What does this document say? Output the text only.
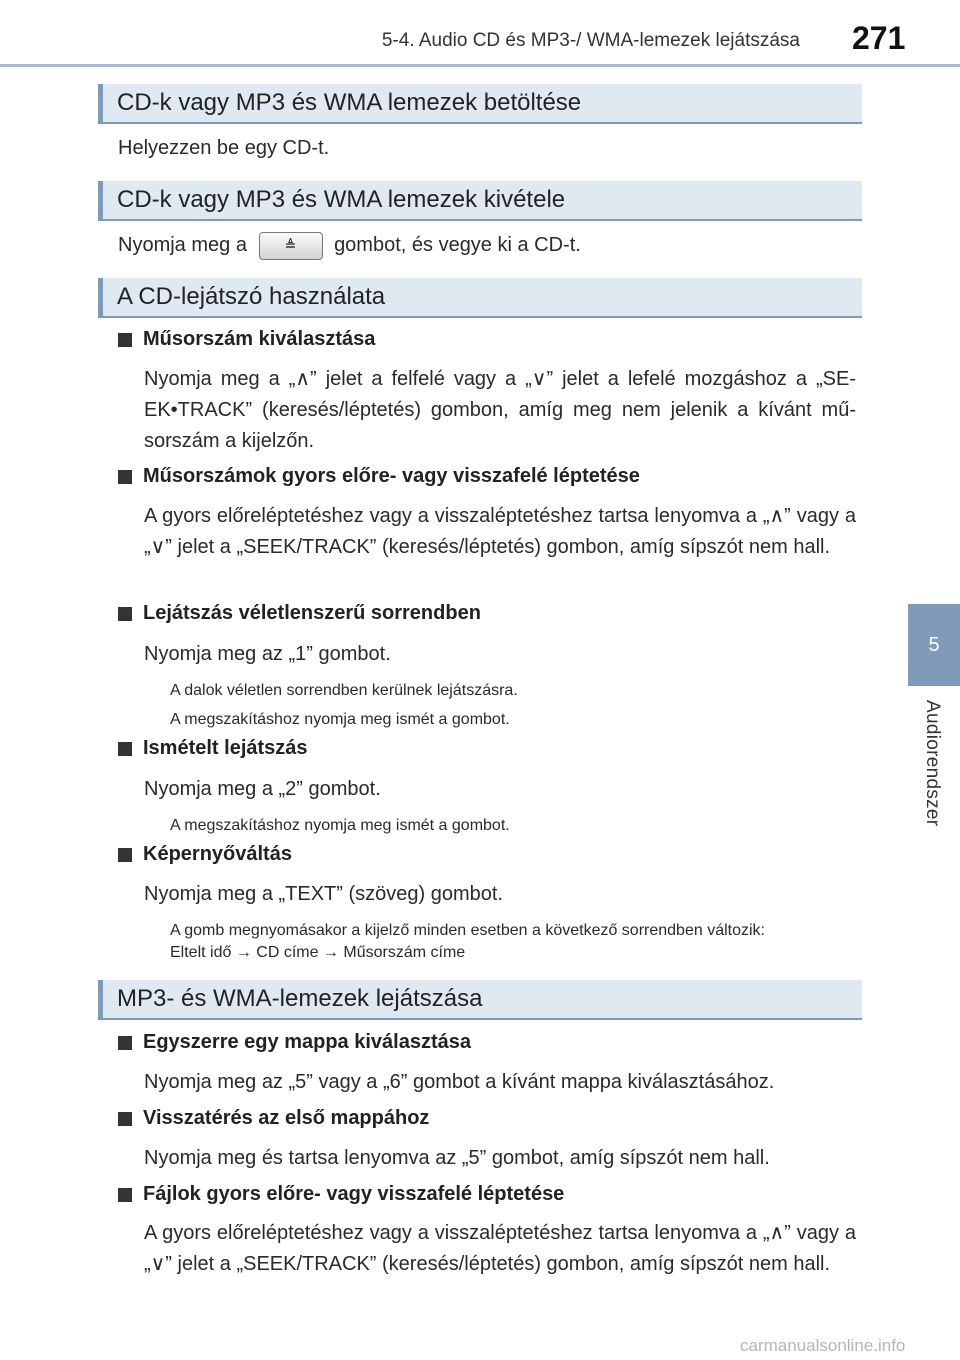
5-4. Audio CD és MP3-/ WMA-lemezek lejátszása 271
5
Audiorendszer
CD-k vagy MP3 és WMA lemezek betöltése
Helyezzen be egy CD-t.
CD-k vagy MP3 és WMA lemezek kivétele
Nyomja meg a	≜ gombot, és vegye ki a CD-t.
A CD-lejátszó használata
Műsorszám kiválasztása
Nyomja meg a „∧” jelet a felfelé vagy a „∨” jelet a lefelé mozgáshoz a „SE-EK•TRACK” (keresés/léptetés) gombon, amíg meg nem jelenik a kívánt mű-sorszám a kijelzőn.
Műsorszámok gyors előre- vagy visszafelé léptetése
A gyors előreléptetéshez vagy a visszaléptetéshez tartsa lenyomva a „∧” vagy a „∨” jelet a „SEEK/TRACK” (keresés/léptetés) gombon, amíg sípszót nem hall.
Lejátszás véletlenszerű sorrendben
Nyomja meg az „1” gombot.
A dalok véletlen sorrendben kerülnek lejátszásra.
A megszakításhoz nyomja meg ismét a gombot.
Ismételt lejátszás
Nyomja meg a „2” gombot.
A megszakításhoz nyomja meg ismét a gombot.
Képernyőváltás
Nyomja meg a „TEXT” (szöveg) gombot.
A gomb megnyomásakor a kijelző minden esetben a következő sorrendben változik:
Eltelt idő → CD címe → Műsorszám címe
MP3- és WMA-lemezek lejátszása
Egyszerre egy mappa kiválasztása
Nyomja meg az „5” vagy a „6” gombot a kívánt mappa kiválasztásához.
Visszatérés az első mappához
Nyomja meg és tartsa lenyomva az „5” gombot, amíg sípszót nem hall.
Fájlok gyors előre- vagy visszafelé léptetése
A gyors előreléptetéshez vagy a visszaléptetéshez tartsa lenyomva a „∧” vagy a „∨” jelet a „SEEK/TRACK” (keresés/léptetés) gombon, amíg sípszót nem hall.
carmanualsonline.info
